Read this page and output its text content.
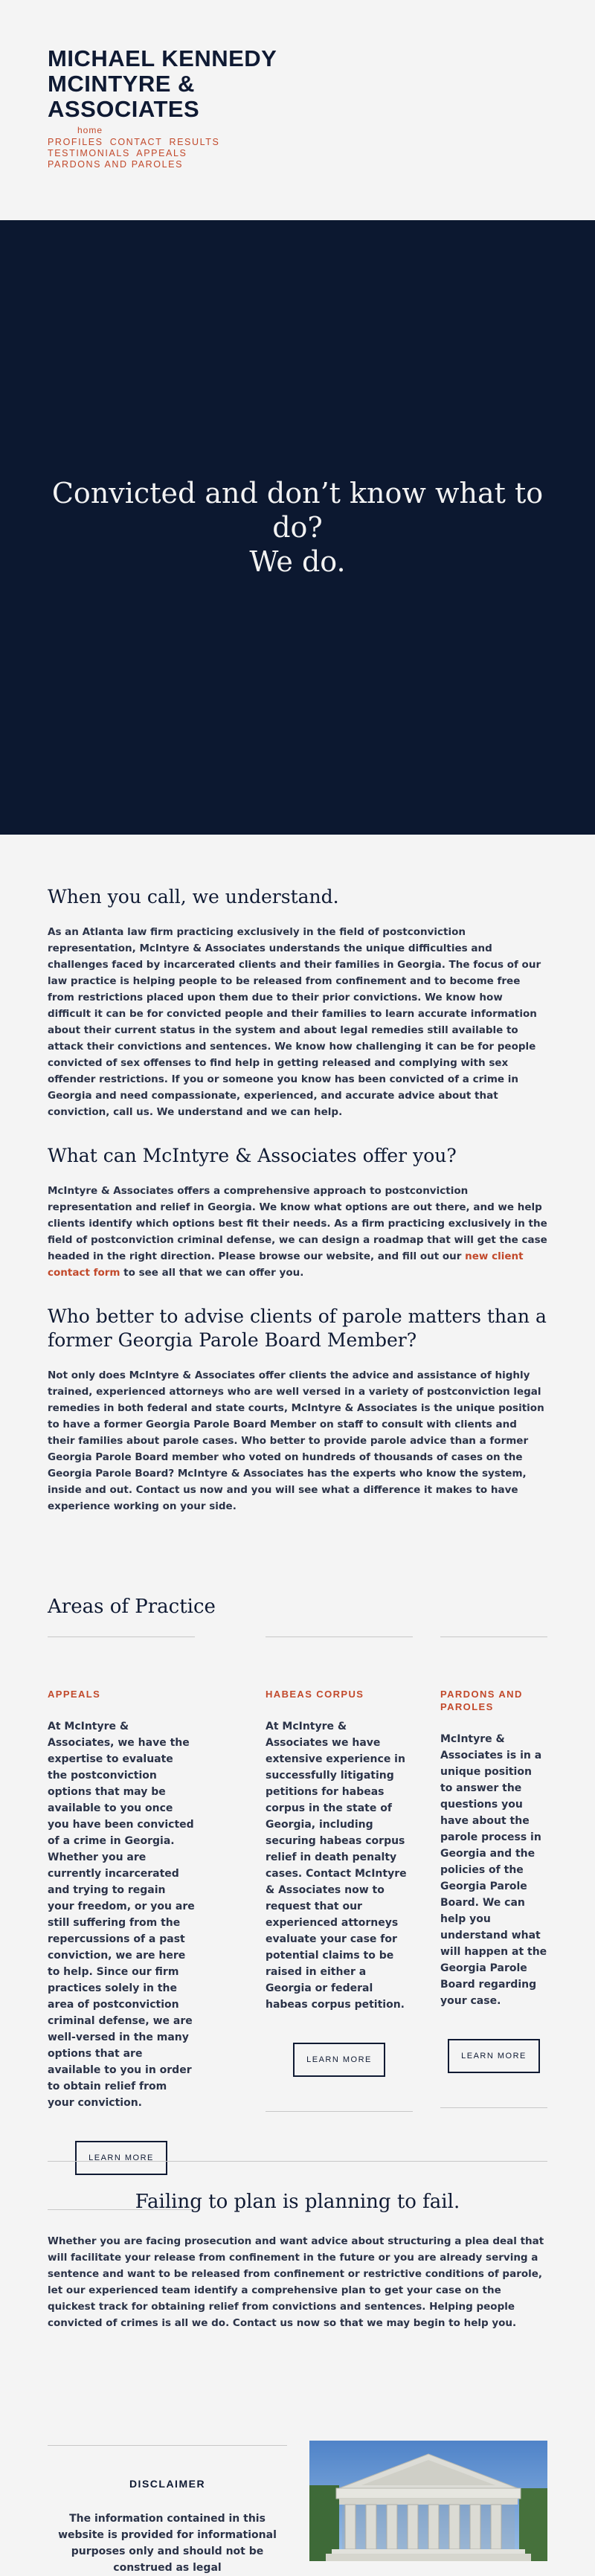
MICHAEL KENNEDY
MCINTYRE &
ASSOCIATES
home
PROFILES CONTACT RESULTS TESTIMONIALS APPEALS PARDONS AND PAROLES
Convicted and don’t know what to do?
We do.
When you call, we understand.

As an Atlanta law firm practicing exclusively in the field of postconviction representation, McIntyre & Associates understands the unique difficulties and challenges faced by incarcerated clients and their families in Georgia. The focus of our law practice is helping people to be released from confinement and to become free from restrictions placed upon them due to their prior convictions. We know how difficult it can be for convicted people and their families to learn accurate information about their current status in the system and about legal remedies still available to attack their convictions and sentences. We know how challenging it can be for people convicted of sex offenses to find help in getting released and complying with sex offender restrictions. If you or someone you know has been convicted of a crime in Georgia and need compassionate, experienced, and accurate advice about that conviction, call us. We understand and we can help.

What can McIntyre & Associates offer you?

McIntyre & Associates offers a comprehensive approach to postconviction representation and relief in Georgia. We know what options are out there, and we help clients identify which options best fit their needs. As a firm practicing exclusively in the field of postconviction criminal defense, we can design a roadmap that will get the case headed in the right direction. Please browse our website, and fill out our new client contact form to see all that we can offer you.

Who better to advise clients of parole matters than a former Georgia Parole Board Member?

Not only does McIntyre & Associates offer clients the advice and assistance of highly trained, experienced attorneys who are well versed in a variety of postconviction legal remedies in both federal and state courts, McIntyre & Associates is the unique position to have a former Georgia Parole Board Member on staff to consult with clients and their families about parole cases. Who better to provide parole advice than a former Georgia Parole Board member who voted on hundreds of thousands of cases on the Georgia Parole Board? McIntyre & Associates has the experts who know the system, inside and out. Contact us now and you will see what a difference it makes to have experience working on your side.

Areas of Practice
APPEALS
At McIntyre & Associates, we have the expertise to evaluate the postconviction options that may be available to you once you have been convicted of a crime in Georgia. Whether you are currently incarcerated and trying to regain your freedom, or you are still suffering from the repercussions of a past conviction, we are here to help. Since our firm practices solely in the area of postconviction criminal defense, we are well-versed in the many options that are available to you in order to obtain relief from your conviction.
LEARN MORE
HABEAS CORPUS
At McIntyre & Associates we have extensive experience in successfully litigating petitions for habeas corpus in the state of Georgia, including securing habeas corpus relief in death penalty cases. Contact McIntyre & Associates now to request that our experienced attorneys evaluate your case for potential claims to be raised in either a Georgia or federal habeas corpus petition.
LEARN MORE
PARDONS AND PAROLES
McIntyre & Associates is in a unique position to answer the questions you have about the parole process in Georgia and the policies of the Georgia Parole Board. We can help you understand what will happen at the Georgia Parole Board regarding your case.
LEARN MORE
Failing to plan is planning to fail.
Whether you are facing prosecution and want advice about structuring a plea deal that will facilitate your release from confinement in the future or you are already serving a sentence and want to be released from confinement or restrictive conditions of parole, let our experienced team identify a comprehensive plan to get your case on the quickest track for obtaining relief from convictions and sentences. Helping people convicted of crimes is all we do. Contact us now so that we may begin to help you.
DISCLAIMER
The information contained in this website is provided for informational purposes only and should not be construed as legal
